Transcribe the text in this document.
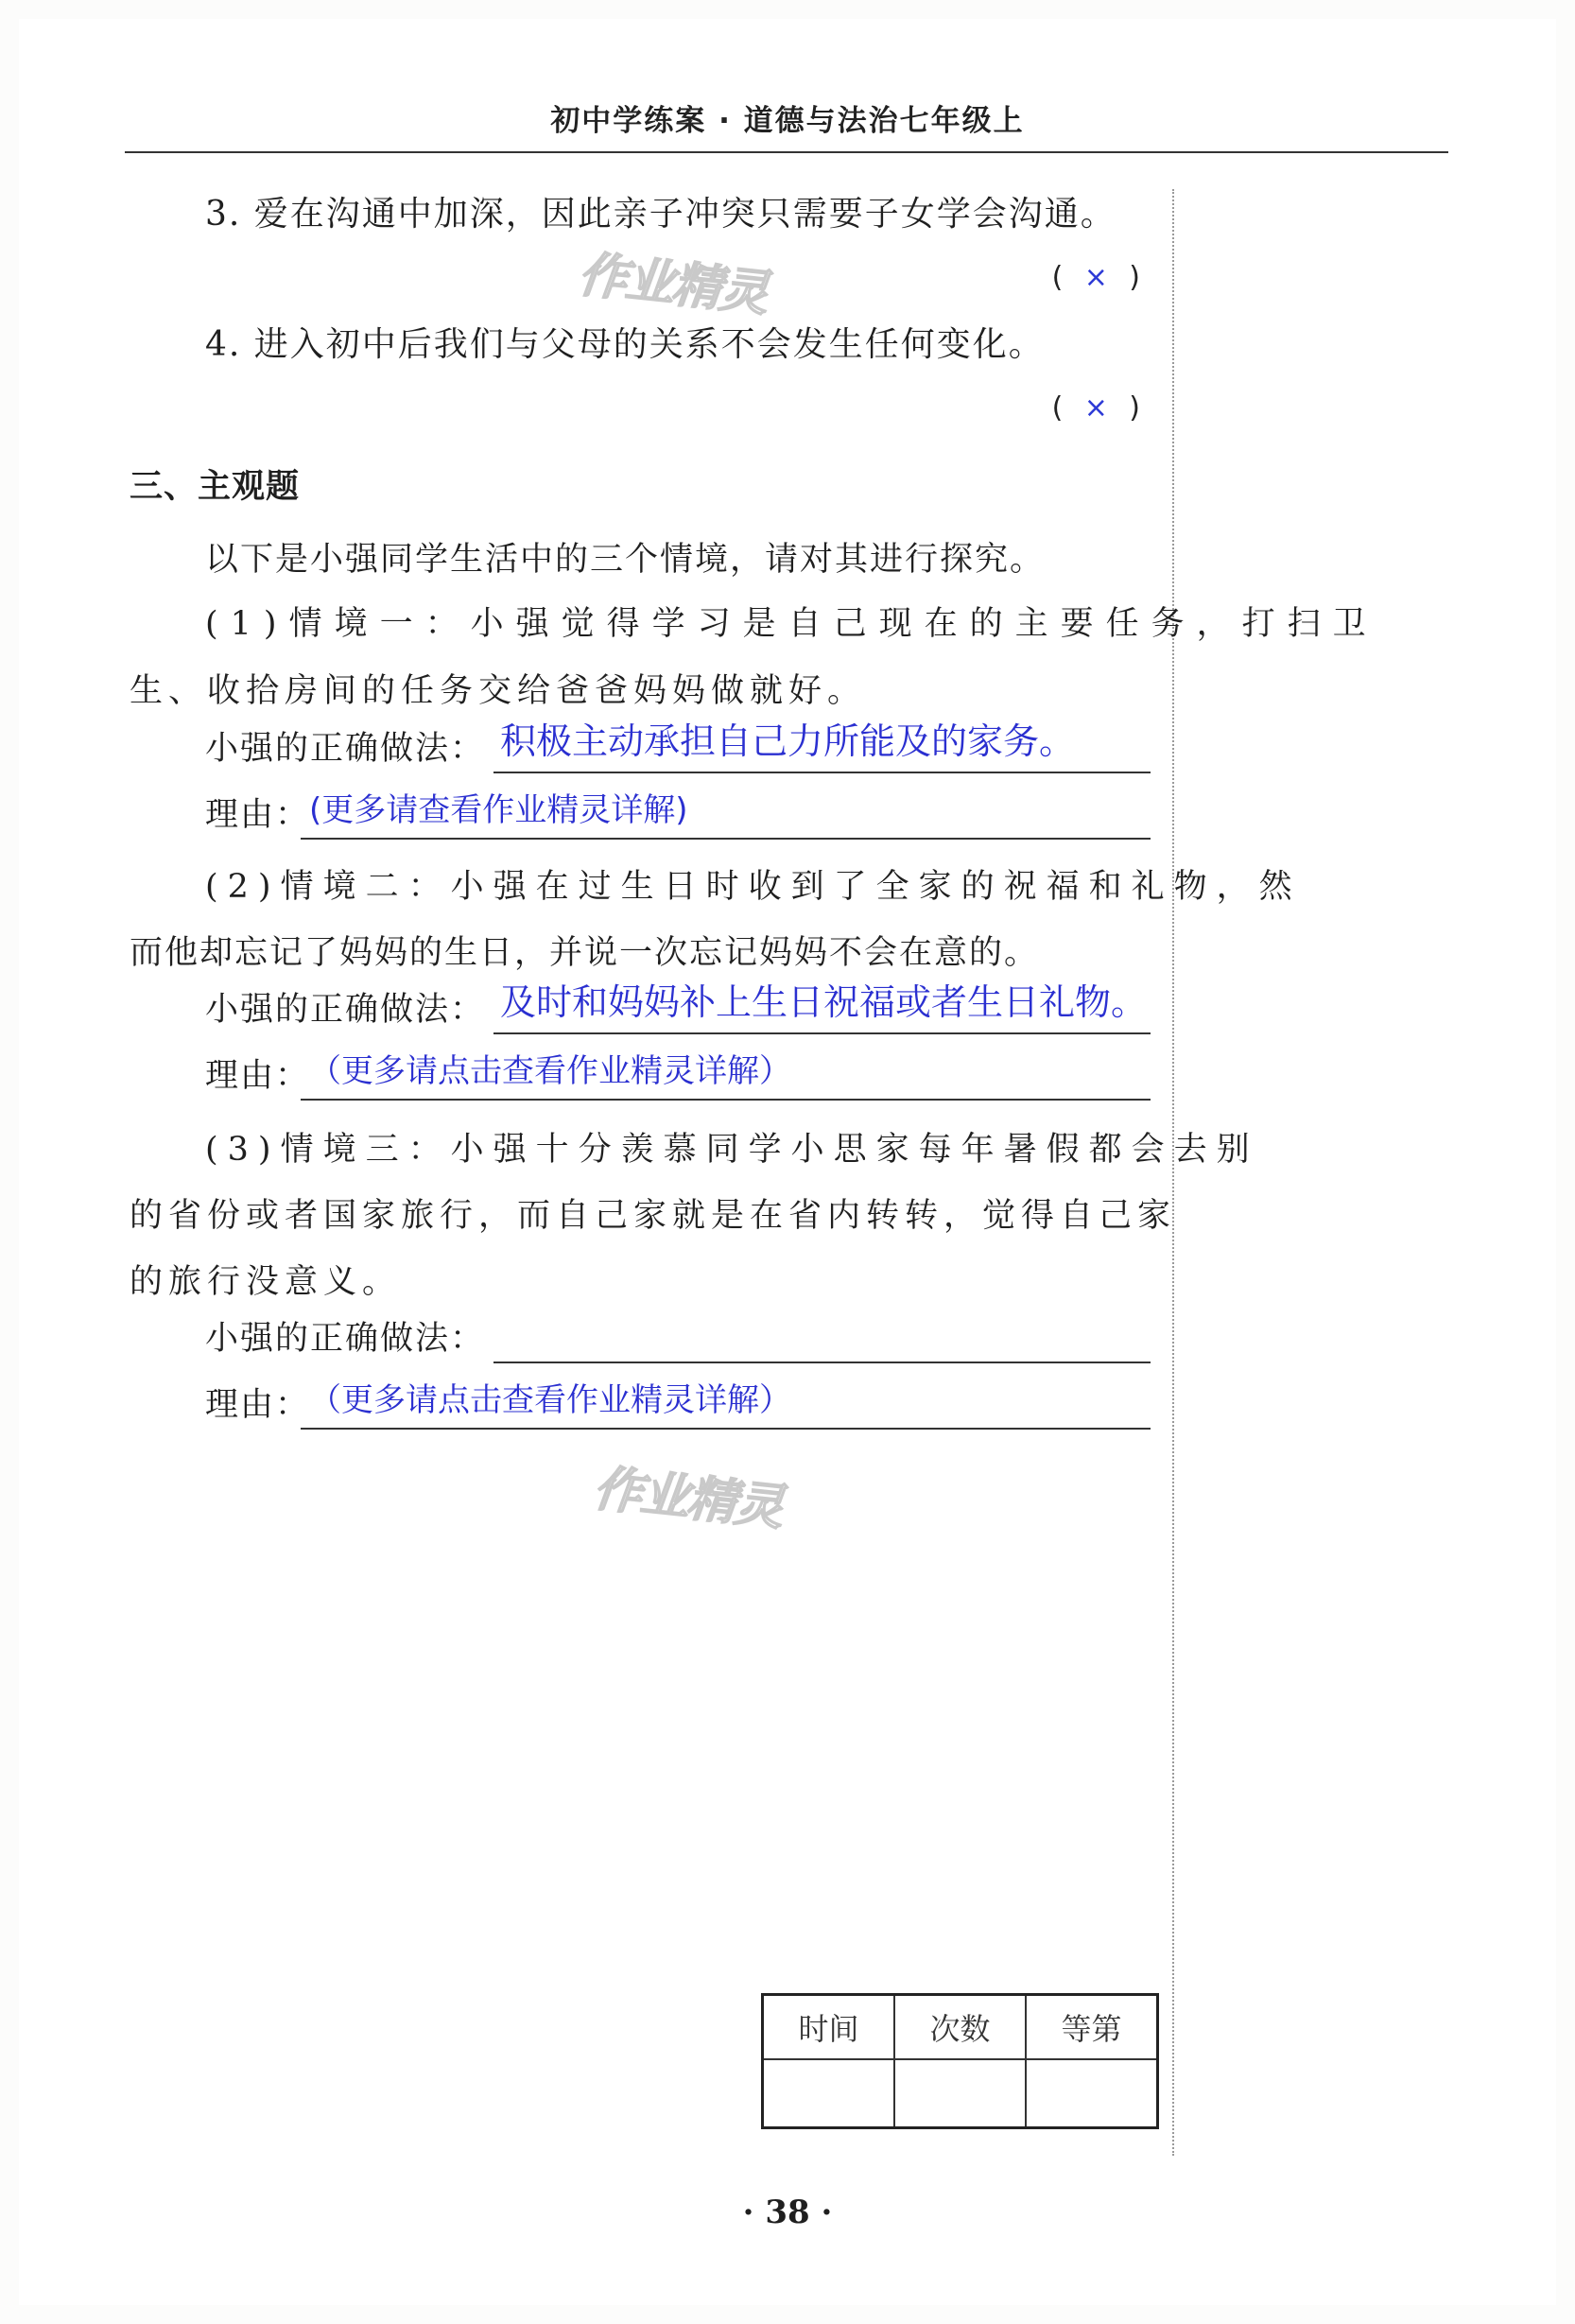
初中学练案 · 道德与法治七年级上
3. 爱在沟通中加深，因此亲子冲突只需要子女学会沟通。
( × )
4. 进入初中后我们与父母的关系不会发生任何变化。
( × )
三、主观题
以下是小强同学生活中的三个情境，请对其进行探究。
(1)情境一：小强觉得学习是自己现在的主要任务，打扫卫
生、收拾房间的任务交给爸爸妈妈做就好。
小强的正确做法： 积极主动承担自己力所能及的家务。
理由：
(更多请查看作业精灵详解)
(2)情境二：小强在过生日时收到了全家的祝福和礼物，然
而他却忘记了妈妈的生日，并说一次忘记妈妈不会在意的。
小强的正确做法： 及时和妈妈补上生日祝福或者生日礼物。
理由：
（更多请点击查看作业精灵详解）
(3)情境三：小强十分羡慕同学小思家每年暑假都会去别
的省份或者国家旅行，而自己家就是在省内转转，觉得自己家
的旅行没意义。
小强的正确做法：
理由：
（更多请点击查看作业精灵详解）
作业精灵
作业精灵
时间	次数	等第

· 38 ·
